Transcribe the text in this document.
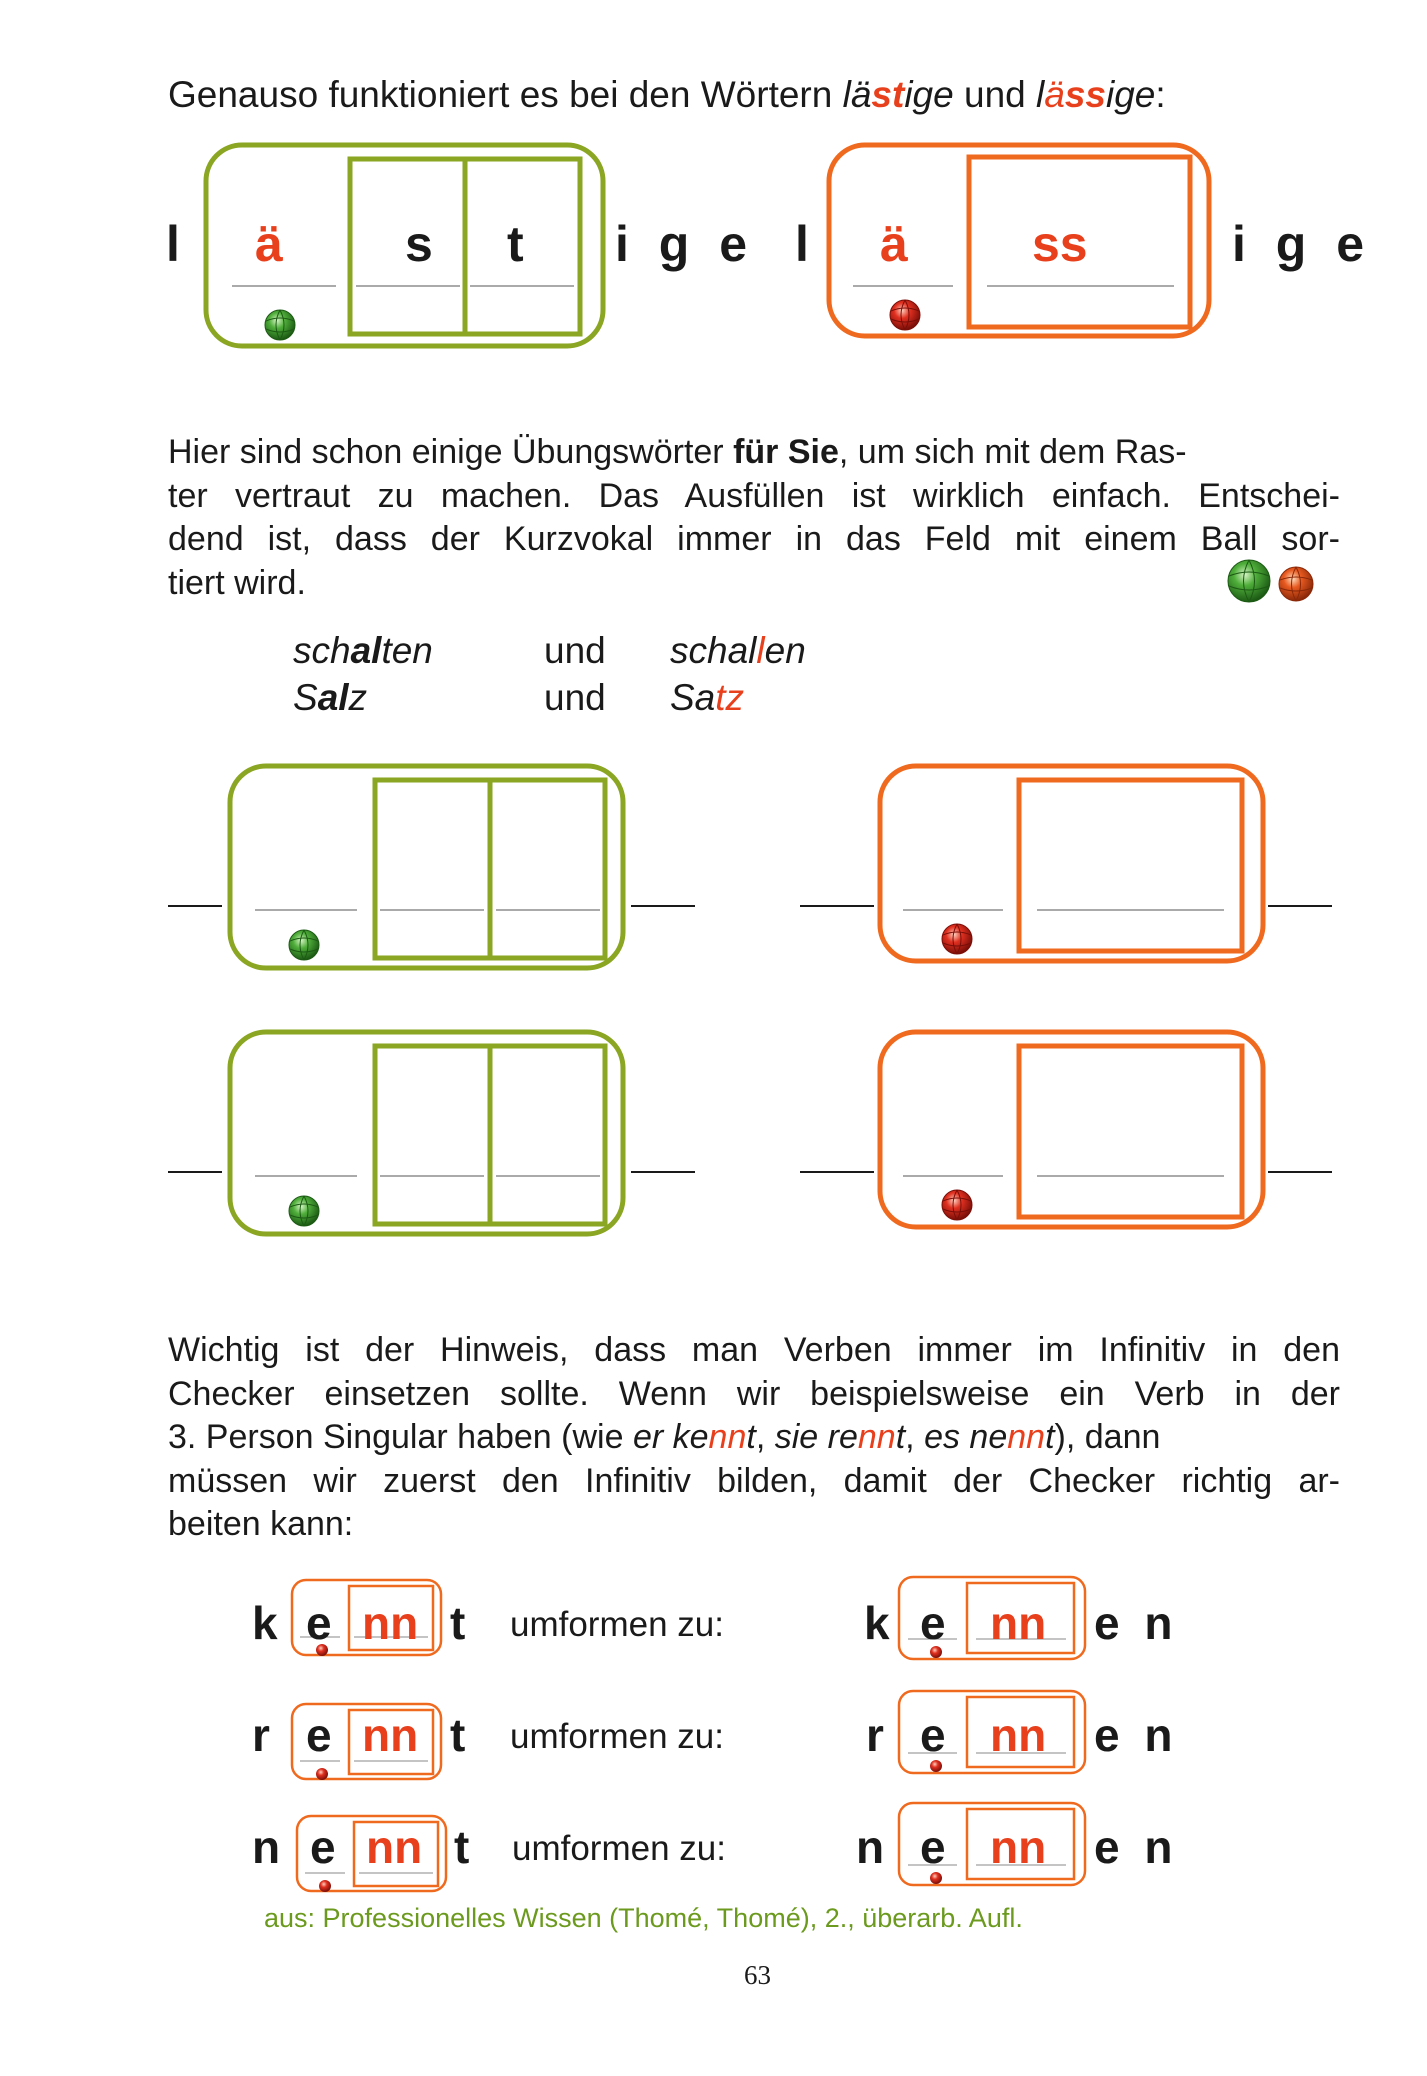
Genauso funktioniert es bei den Wörtern lästige und lässige:
l ä s t i g e l ä ss	i g e
Hier sind schon einige Übungswörter für Sie, um sich mit dem Ras-
ter vertraut zu machen. Das Ausfüllen ist wirklich einfach. Entschei-
dend ist, dass der Kurzvokal immer in das Feld mit einem Ball sor-
tiert wird.
schalten	und schallen
Salz	und Satz
Wichtig ist der Hinweis, dass man Verben immer im Infinitiv in den
Checker einsetzen sollte. Wenn wir beispielsweise ein Verb in der
3. Person Singular haben (wie er kennt, sie rennt, es nennt), dann
müssen wir zuerst den Infinitiv bilden, damit der Checker richtig ar-
beiten kann:
k e nn t umformen zu:	k e nn e n
r e nn t umformen zu:	r e nn e n
n e nn t umformen zu:	n e nn e n
aus: Professionelles Wissen (Thomé, Thomé), 2., überarb. Aufl.
63
